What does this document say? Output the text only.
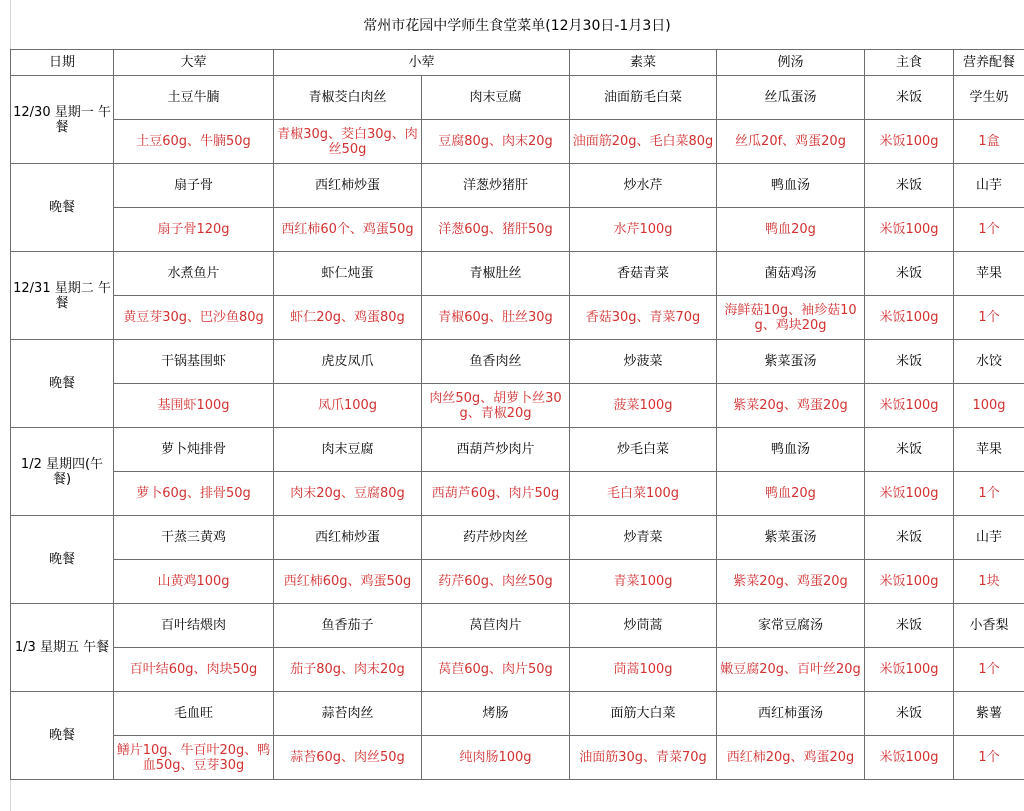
常州市花园中学师生食堂菜单(12月30日-1月3日)
日期	大荤	小荤		素菜	例汤	主食	营养配餐
12/30 星期一 午餐	土豆牛腩	青椒茭白肉丝	肉末豆腐	油面筋毛白菜	丝瓜蛋汤	米饭	学生奶
	土豆60g、牛腩50g	青椒30g、茭白30g、肉丝50g	豆腐80g、肉末20g	油面筋20g、毛白菜80g	丝瓜20f、鸡蛋20g	米饭100g	1盒
晚餐	扇子骨	西红柿炒蛋	洋葱炒猪肝	炒水芹	鸭血汤	米饭	山芋
	扇子骨120g	西红柿60个、鸡蛋50g	洋葱60g、猪肝50g	水芹100g	鸭血20g	米饭100g	1个
12/31 星期二 午餐	水煮鱼片	虾仁炖蛋	青椒肚丝	香菇青菜	菌菇鸡汤	米饭	苹果
	黄豆芽30g、巴沙鱼80g	虾仁20g、鸡蛋80g	青椒60g、肚丝30g	香菇30g、青菜70g	海鲜菇10g、袖珍菇10g、鸡块20g	米饭100g	1个
晚餐	干锅基围虾	虎皮凤爪	鱼香肉丝	炒菠菜	紫菜蛋汤	米饭	水饺
	基围虾100g	凤爪100g	肉丝50g、胡萝卜丝30g、青椒20g	菠菜100g	紫菜20g、鸡蛋20g	米饭100g	100g
1/2 星期四(午餐)	萝卜炖排骨	肉末豆腐	西葫芦炒肉片	炒毛白菜	鸭血汤	米饭	苹果
	萝卜60g、排骨50g	肉末20g、豆腐80g	西葫芦60g、肉片50g	毛白菜100g	鸭血20g	米饭100g	1个
晚餐	干蒸三黄鸡	西红柿炒蛋	药芹炒肉丝	炒青菜	紫菜蛋汤	米饭	山芋
	山黄鸡100g	西红柿60g、鸡蛋50g	药芹60g、肉丝50g	青菜100g	紫菜20g、鸡蛋20g	米饭100g	1块
1/3 星期五 午餐	百叶结煨肉	鱼香茄子	莴苣肉片	炒茼蒿	家常豆腐汤	米饭	小香梨
	百叶结60g、肉块50g	茄子80g、肉末20g	莴苣60g、肉片50g	茼蒿100g	嫩豆腐20g、百叶丝20g	米饭100g	1个
晚餐	毛血旺	蒜苔肉丝	烤肠	面筋大白菜	西红柿蛋汤	米饭	紫薯
	鳝片10g、牛百叶20g、鸭血50g、豆芽30g	蒜苔60g、肉丝50g	纯肉肠100g	油面筋30g、青菜70g	西红柿20g、鸡蛋20g	米饭100g	1个
